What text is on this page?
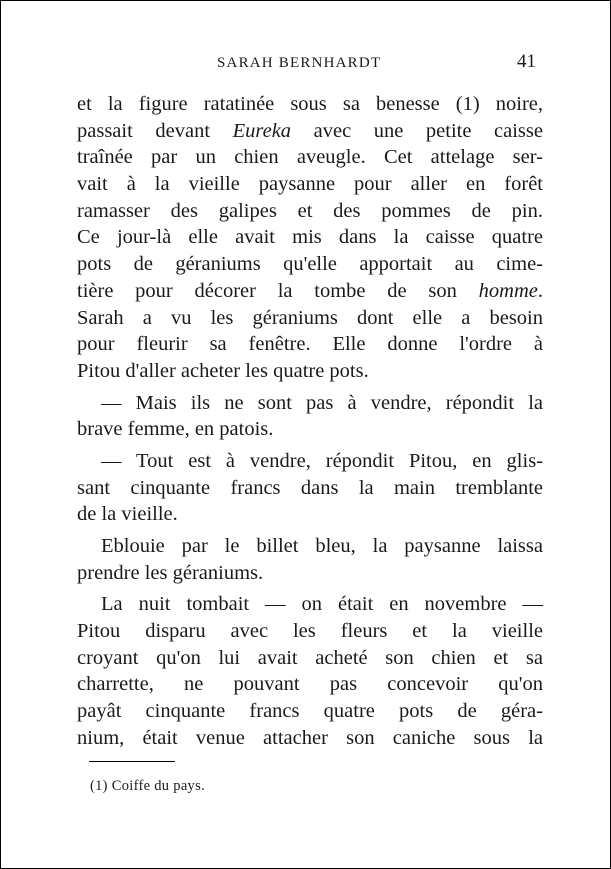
SARAH BERNHARDT	41
et la figure ratatinée sous sa benesse (1) noire,
passait devant Eureka avec une petite caisse
traînée par un chien aveugle. Cet attelage ser-
vait à la vieille paysanne pour aller en forêt
ramasser des galipes et des pommes de pin.
Ce jour-là elle avait mis dans la caisse quatre
pots de géraniums qu'elle apportait au cime-
tière pour décorer la tombe de son homme.
Sarah a vu les géraniums dont elle a besoin
pour fleurir sa fenêtre. Elle donne l'ordre à
Pitou d'aller acheter les quatre pots.
— Mais ils ne sont pas à vendre, répondit la
brave femme, en patois.
— Tout est à vendre, répondit Pitou, en glis-
sant cinquante francs dans la main tremblante
de la vieille.
Eblouie par le billet bleu, la paysanne laissa
prendre les géraniums.
La nuit tombait — on était en novembre —
Pitou disparu avec les fleurs et la vieille
croyant qu'on lui avait acheté son chien et sa
charrette, ne pouvant pas concevoir qu'on
payât cinquante francs quatre pots de géra-
nium, était venue attacher son caniche sous la
(1) Coiffe du pays.
